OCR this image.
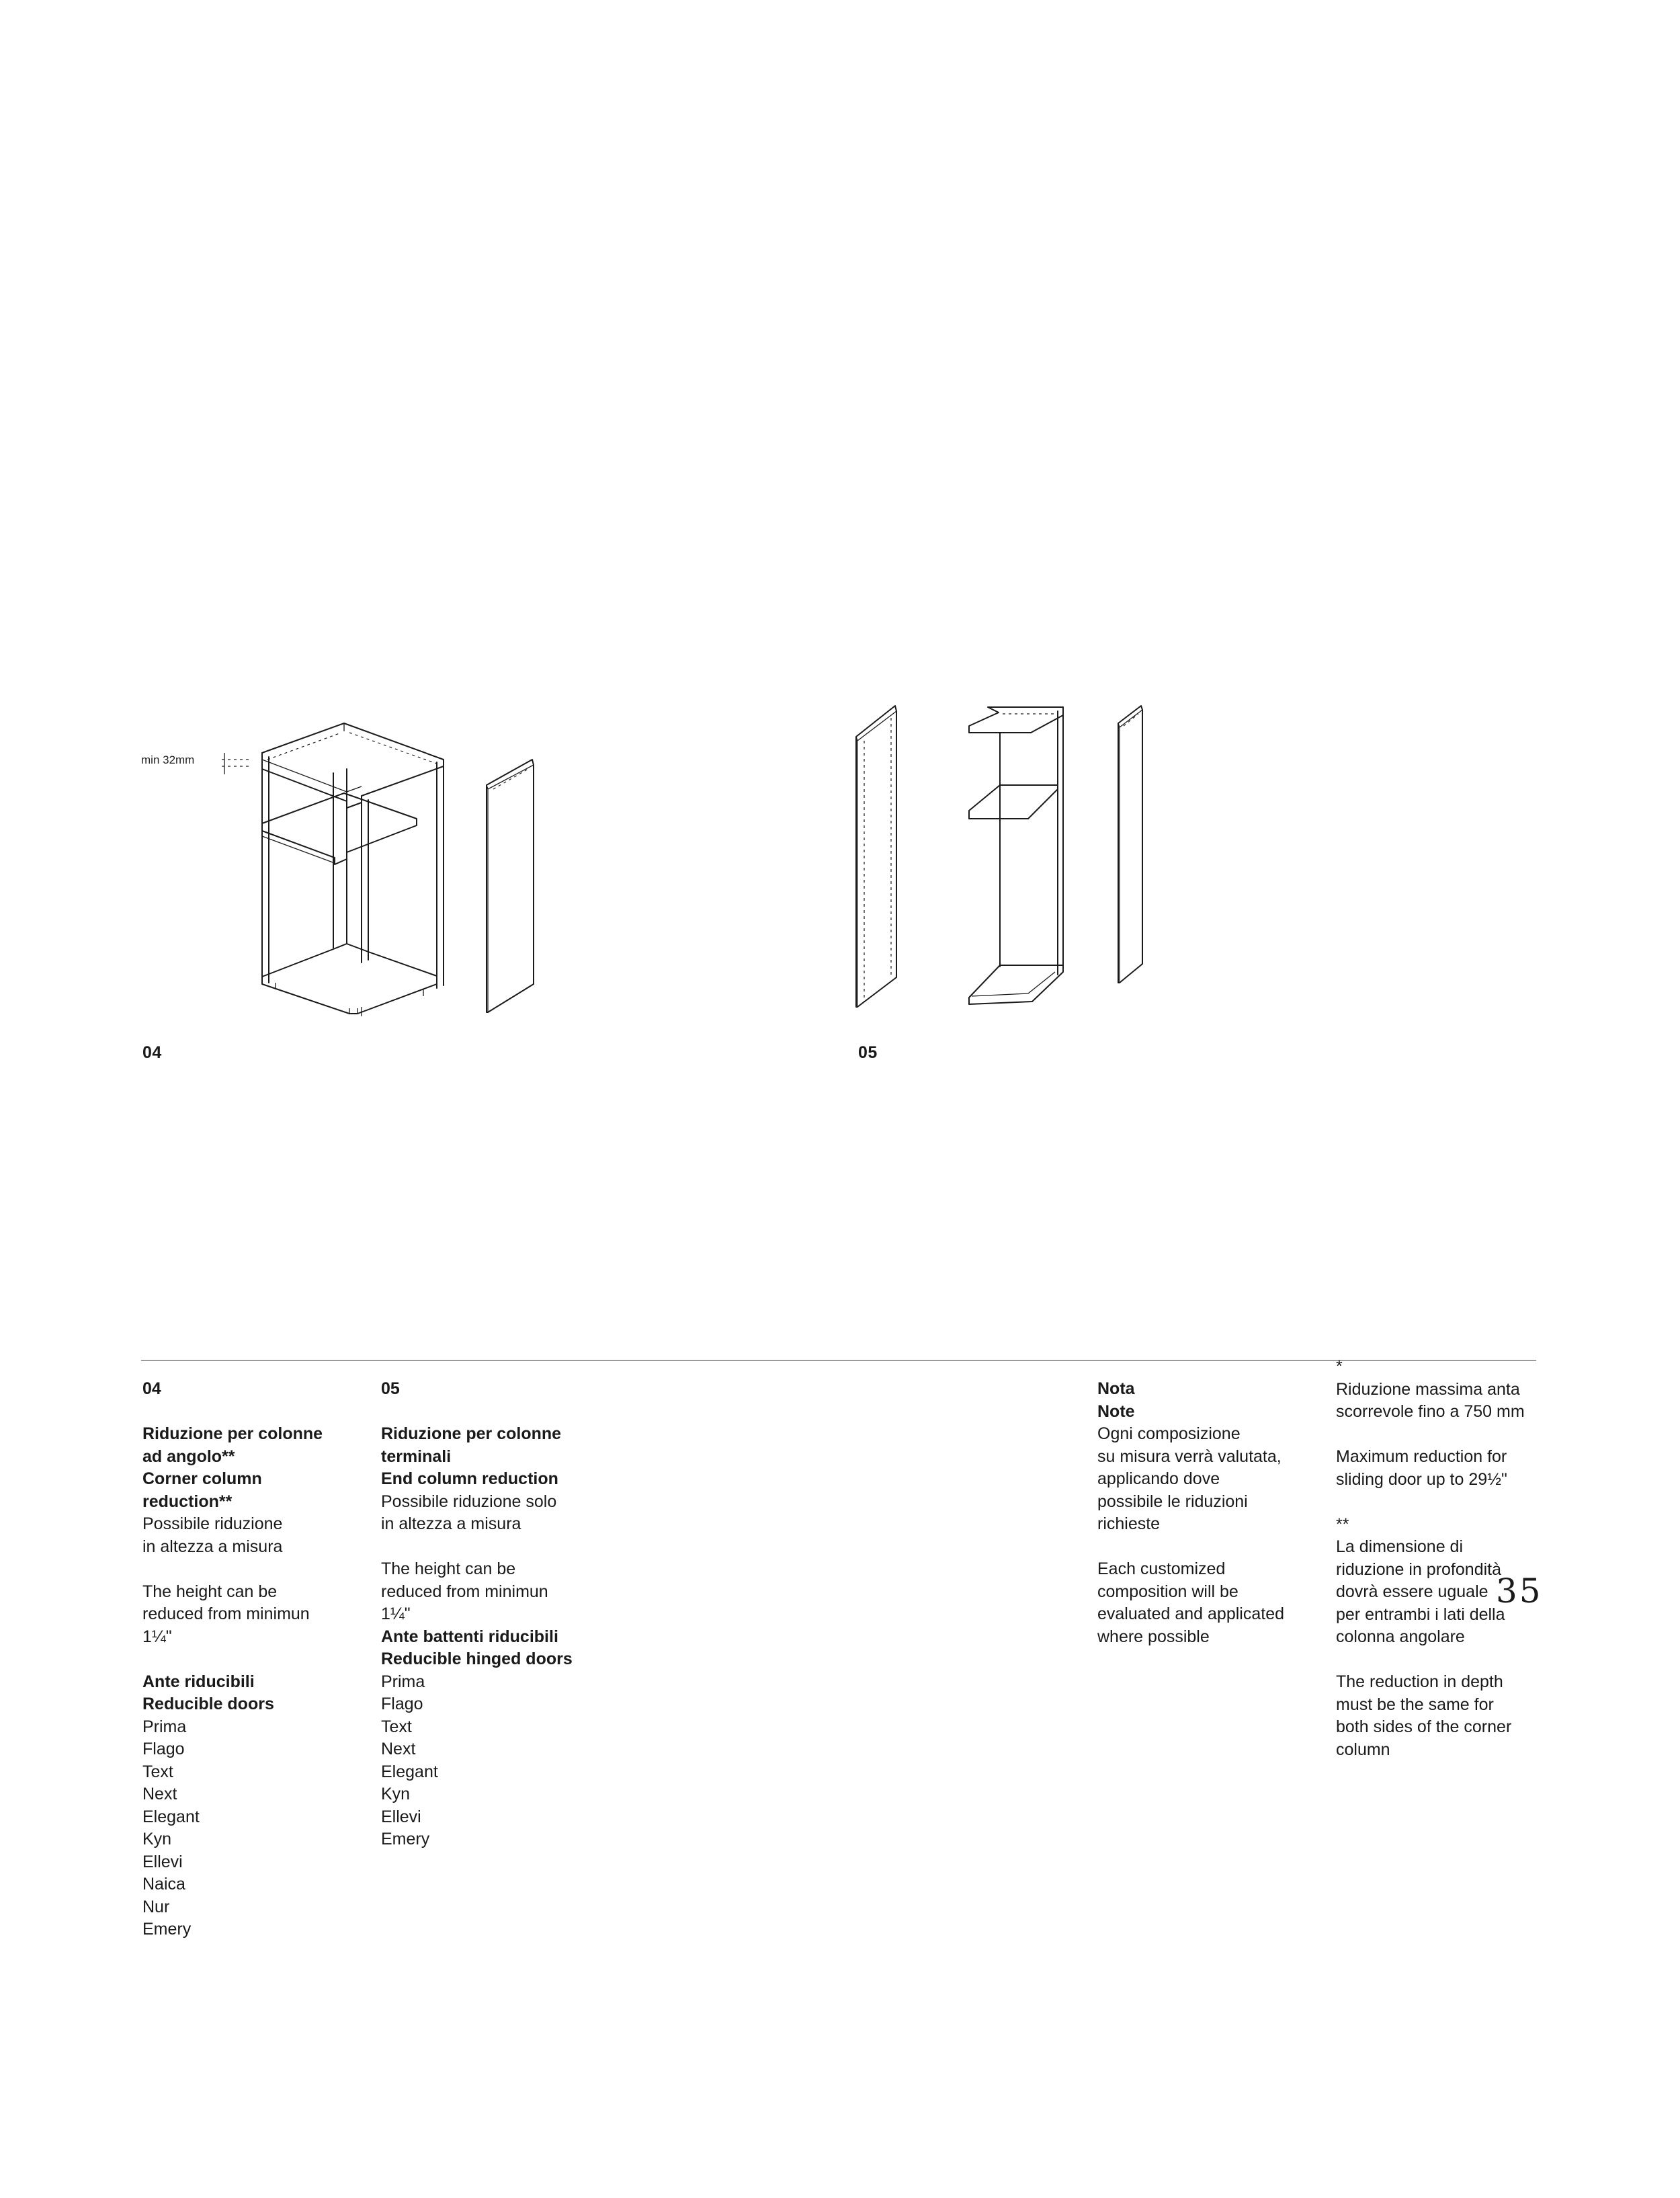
min 32mm
04	05
04
Riduzione per colonne
ad angolo**
Corner column
reduction**
Possibile riduzione
in altezza a misura
The height can be
reduced from minimun
1¼"
Ante riducibili
Reducible doors
Prima
Flago
Text
Next
Elegant
Kyn
Ellevi
Naica
Nur
Emery
05
Riduzione per colonne
terminali
End column reduction
Possibile riduzione solo
in altezza a misura
The height can be
reduced from minimun
1¼"
Ante battenti riducibili
Reducible hinged doors
Prima
Flago
Text
Next
Elegant
Kyn
Ellevi
Emery
Nota
Note
Ogni composizione
su misura verrà valutata,
applicando dove
possibile le riduzioni
richieste
Each customized
composition will be
evaluated and applicated
where possible
*
Riduzione massima anta
scorrevole fino a 750 mm
Maximum reduction for
sliding door up to 29½"
**
La dimensione di
riduzione in profondità
dovrà essere uguale
per entrambi i lati della
colonna angolare
The reduction in depth
must be the same for
both sides of the corner
column
35
